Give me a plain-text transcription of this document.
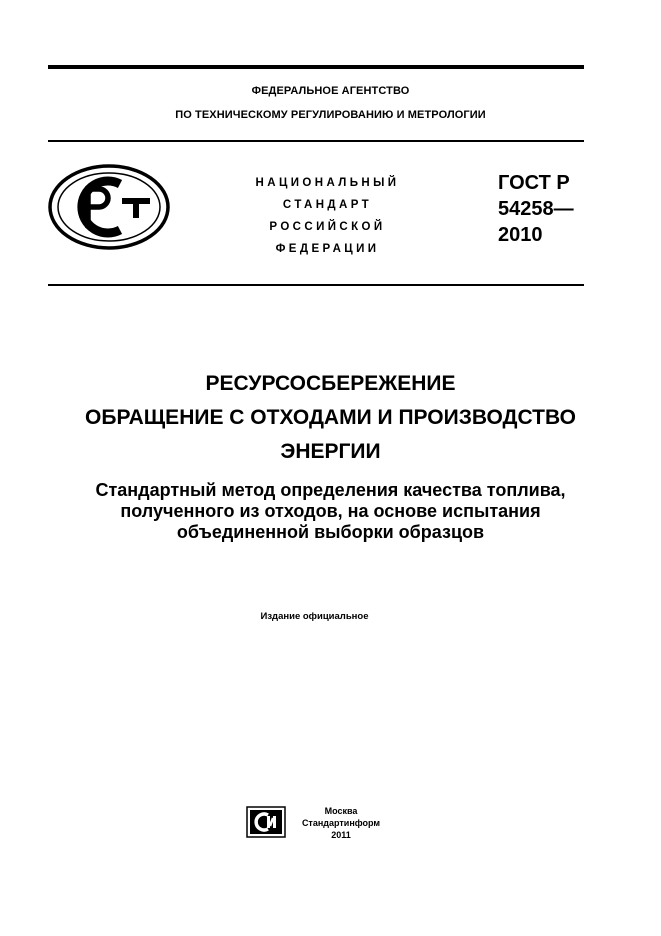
ФЕДЕРАЛЬНОЕ АГЕНТСТВО
ПО ТЕХНИЧЕСКОМУ РЕГУЛИРОВАНИЮ И МЕТРОЛОГИИ
НАЦИОНАЛЬНЫЙ
СТАНДАРТ
РОССИЙСКОЙ
ФЕДЕРАЦИИ
ГОСТ Р
54258—
2010
РЕСУРСОСБЕРЕЖЕНИЕ
ОБРАЩЕНИЕ С ОТХОДАМИ И ПРОИЗВОДСТВО
ЭНЕРГИИ
Стандартный метод определения качества топлива,
полученного из отходов, на основе испытания
объединенной выборки образцов
Издание официальное
Москва
Стандартинформ
2011
